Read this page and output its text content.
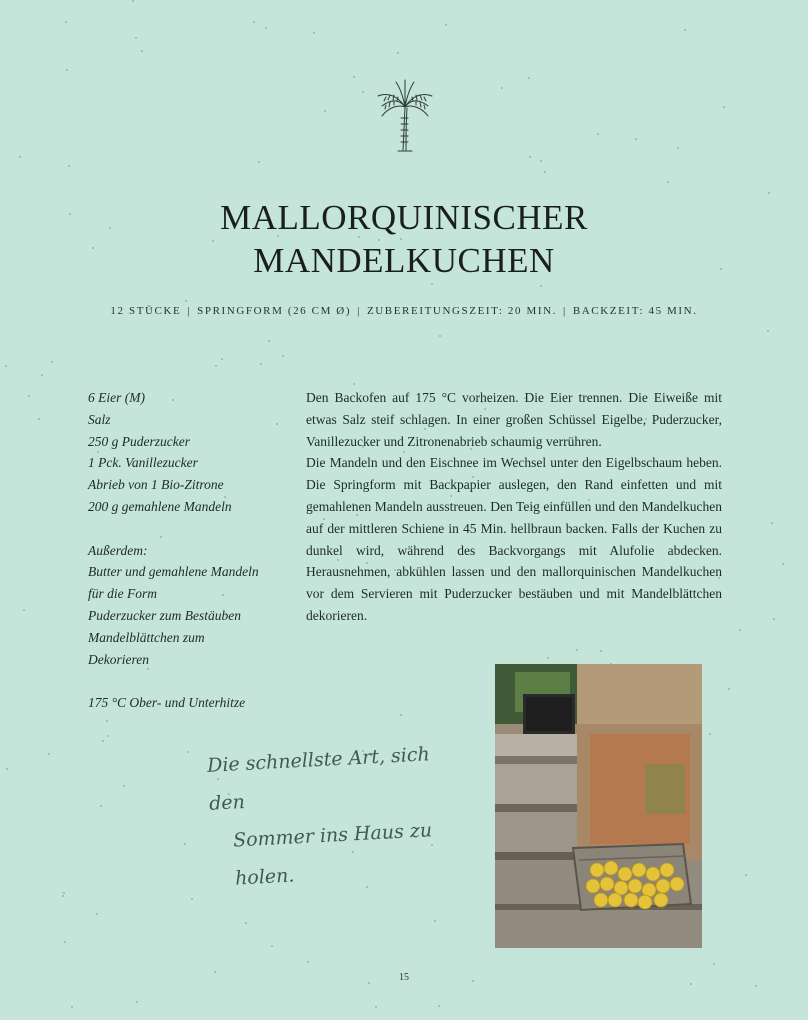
MALLORQUINISCHER
MANDELKUCHEN
12 STÜCKE | SPRINGFORM (26 CM Ø) | ZUBEREITUNGSZEIT: 20 MIN. | BACKZEIT: 45 MIN.
6 Eier (M)
Salz
250 g Puderzucker
1 Pck. Vanillezucker
Abrieb von 1 Bio-Zitrone
200 g gemahlene Mandeln
Außerdem:
Butter und gemahlene Mandeln
für die Form
Puderzucker zum Bestäuben
Mandelblättchen zum
Dekorieren
175 °C Ober- und Unterhitze

Den Backofen auf 175 °C vorheizen. Die Eier trennen. Die Eiweiße mit etwas Salz steif schlagen. In einer großen Schüssel Eigelbe, Puderzucker, Vanillezucker und Zitronenabrieb schaumig verrühren.

Die Mandeln und den Eischnee im Wechsel unter den Eigelbschaum heben. Die Springform mit Backpapier auslegen, den Rand einfetten und mit gemahlenen Mandeln ausstreuen. Den Teig einfüllen und den Mandelkuchen auf der mittleren Schiene in 45 Min. hellbraun backen. Falls der Kuchen zu dunkel wird, während des Backvorgangs mit Alufolie abdecken. Herausnehmen, abkühlen lassen und den mallorquinischen Mandelkuchen vor dem Servieren mit Puderzucker bestäuben und mit Mandelblättchen dekorieren.

Die schnellste Art, sich den
Sommer ins Haus zu holen.
15
